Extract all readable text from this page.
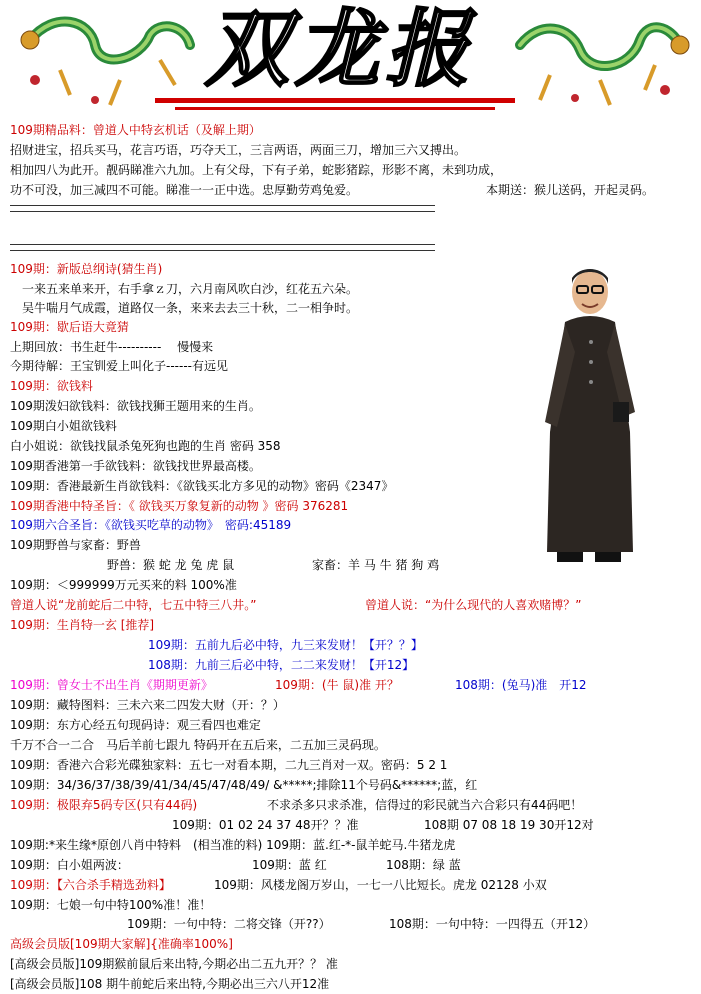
双龙报
109期精品料：曾道人中特玄机话（及解上期）
招财进宝，招兵买马，花言巧语，巧夺天工，三言两语，两面三刀，增加三六又搏出。
相加四八为此开。靓码睇准六九加。上有父母，下有子弟，蛇影猪踪，形影不离，未到功成，
功不可没，加三减四不可能。睇准一一正中选。忠厚勤劳鸡兔爱。	本期送：猴儿送码，开起灵码。
109期：新版总纲诗(猜生肖)
一来五来单来开，右手拿ｚ刀，六月南风吹白沙，红花五六朵。
吴牛喘月气成霞，道路仅一条，来来去去三十秋，二一相争时。
109期：歇后语大竟猜
上期回放：书生赶牛----------　 慢慢来
今期待解：王宝钏爱上叫化子------有远见
109期：欲钱料
109期泼妇欲钱料：欲钱找狮王题用来的生肖。
109期白小姐欲钱料
白小姐说：欲钱找鼠杀兔死狗也跑的生肖 密码 358
109期香港第一手欲钱料：欲钱找世界最高楼。
109期：香港最新生肖欲钱料：《欲钱买北方多见的动物》密码《2347》
109期香港中特圣旨：《 欲钱买万象复新的动物 》密码 376281
109期六合圣旨：《欲钱买吃草的动物》　密码:45189
109期野兽与家畜：野兽
野兽：猴 蛇 龙 兔 虎 鼠	家畜：羊 马 牛 猪 狗 鸡
109期：＜999999万元买来的料 100%准
曾道人说“龙前蛇后二中特，七五中特三八井。”	曾道人说：“为什么现代的人喜欢赌博？”
109期：生肖特一玄 [推荐]
109期：五前九后必中特，九三来发财！【开？？】
108期：九前三后必中特，二二来发财！【开12】
109期：曾女士不出生肖《期期更新》	109期：(牛 鼠)准 开？	108期：(兔马)准　开12
109期：藏特图料：三未六来二四发大财（开：？）
109期：东方心经五句现码诗：观三看四也难定
千万不合一二合　马后羊前七跟九 特码开在五后来，二五加三灵码现。
109期：香港六合彩光碟独家料：五七一对看本期，二九三肖对一双。密码：5 2 1
109期：34/36/37/38/39/41/34/45/47/48/49/ &*****;排除11个号码&******;蓝，红
109期：极限弃5码专区(只有44码)	不求杀多只求杀准，信得过的彩民就当六合彩只有44码吧！
109期：01 02 24 37 48开？？准	108期 07 08 18 19 30开12对
109期:*来生缘*原创八肖中特料　(相当准的料) 109期：蓝.红-*-鼠羊蛇马.牛猪龙虎
109期：白小姐两波：	109期：蓝 红	108期：绿 蓝
109期：【六合杀手精选劲料】	109期：风楼龙阁万岁山，一七一八比短长。虎龙 02128 小双
109期：七娘一句中特100%准！准！
109期：一句中特：二将交锋（开??）	108期：一句中特：一四得五（开12）
高级会员版[109期大家解]{准确率100%]
[高级会员版]109期猴前鼠后来出特,今期必出二五九开？？ 准
[高级会员版]108 期牛前蛇后来出特,今期必出三六八开12准
